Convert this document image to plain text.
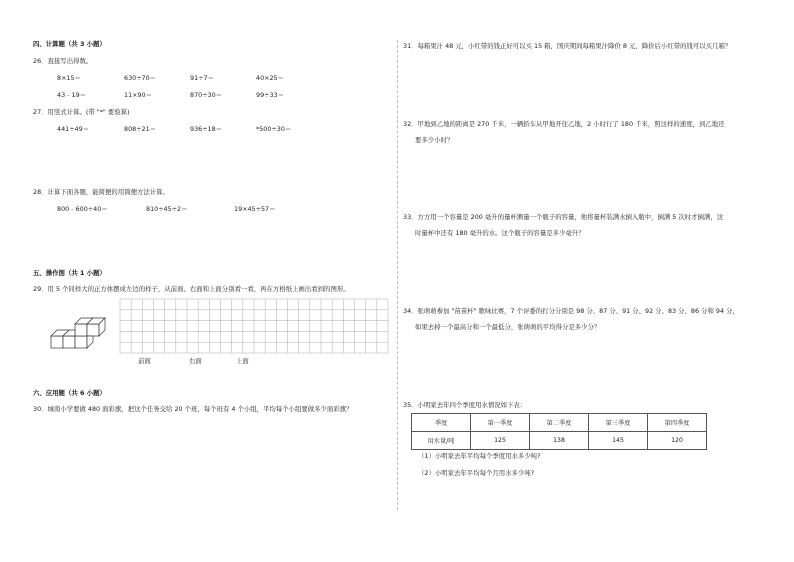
四、计算题（共 3 小题）
26．直接写出得数。
8×15＝	630÷70＝	91÷7＝	40×25＝
43﹣19＝	11×90＝	870÷30＝	99÷33＝
27．用竖式计算。(带 "*" 要验算)
441÷49＝	808÷21＝	936÷18＝	*500÷30＝
28．计算下面各题，能简便的用简便方法计算。
800﹣600÷40＝	810÷45÷2＝	19×45÷57＝
五、操作图（共 1 小题）
29．用 5 个同样大的正方体摆成左边的样子，从前面、右面和上面分别看一看，再在方格纸上画出看到的图形。
前面	右面	上面
六、应用题（共 6 小题）
30．城南小学要做 480 面彩旗，把这个任务交给 20 个班，每个班有 4 个小组，平均每个小组要做多少面彩旗？
31．每箱果汁 48 元，小红带的钱正好可以买 15 箱，国庆期间每箱果汁降价 8 元，降价后小红带的钱可以买几箱？
32．甲地到乙地的距离是 270 千米，一辆轿车从甲地开往乙地，2 小时行了 180 千米，照这样的速度，到乙地还
要多少小时？
33．方方用一个容量是 200 毫升的量杯测量一个瓶子的容量，他将量杯装满水倒入瓶中，倒满 5 次时才倒满，这
时量杯中还有 180 毫升的水。这个瓶子的容量是多少毫升？
34．张萌萌参加 "苗苗杯" 歌咏比赛，7 个评委的打分分别是 98 分、87 分、91 分、92 分、83 分、86 分和 94 分，
如果去掉一个最高分和一个最低分，张萌萌的平均得分是多少分？
35．小明家去年四个季度用水情况如下表：
季度	第一季度	第二季度	第三季度	第四季度
用水量/吨	125	138	145	120
（1）小明家去年平均每个季度用水多少吨?
（2）小明家去年平均每个月用水多少吨?
